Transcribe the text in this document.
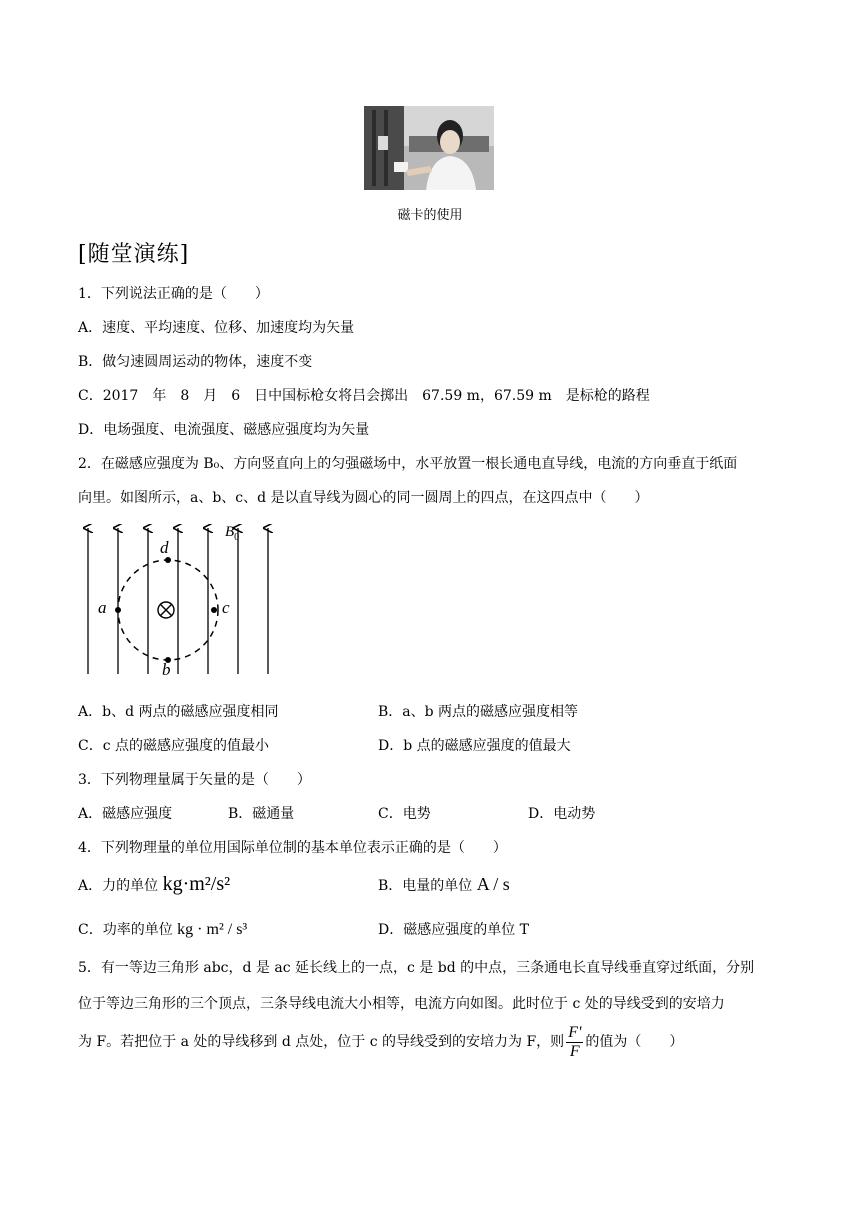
磁卡的使用
[随堂演练]
1．下列说法正确的是（　　）
A．速度、平均速度、位移、加速度均为矢量
B．做匀速圆周运动的物体，速度不变
C．2017　年　8　月　6　日中国标枪女将吕会掷出　67.59 m，67.59 m　是标枪的路程
D．电场强度、电流强度、磁感应强度均为矢量
2．在磁感应强度为 B₀、方向竖直向上的匀强磁场中，水平放置一根长通电直导线，电流的方向垂直于纸面
向里。如图所示，a、b、c、d 是以直导线为圆心的同一圆周上的四点，在这四点中（　　）
d
b
a	c
$B_0$
A．b、d 两点的磁感应强度相同	B．a、b 两点的磁感应强度相等
C．c 点的磁感应强度的值最小	D．b 点的磁感应强度的值最大
3．下列物理量属于矢量的是（　　）
A．磁感应强度	B．磁通量	C．电势	D．电动势
4．下列物理量的单位用国际单位制的基本单位表示正确的是（　　）
A．力的单位 kg·m²/s²	B．电量的单位 A / s
C．功率的单位 kg · m² / s³	D．磁感应强度的单位 T
5．有一等边三角形 abc，d 是 ac 延长线上的一点，c 是 bd 的中点，三条通电长直导线垂直穿过纸面，分别
位于等边三角形的三个顶点，三条导线电流大小相等，电流方向如图。此时位于 c 处的导线受到的安培力
为 F。若把位于 a 处的导线移到 d 点处，位于 c 的导线受到的安培力为 F，则 $\frac{F'}{F}$ 的值为（　　）
